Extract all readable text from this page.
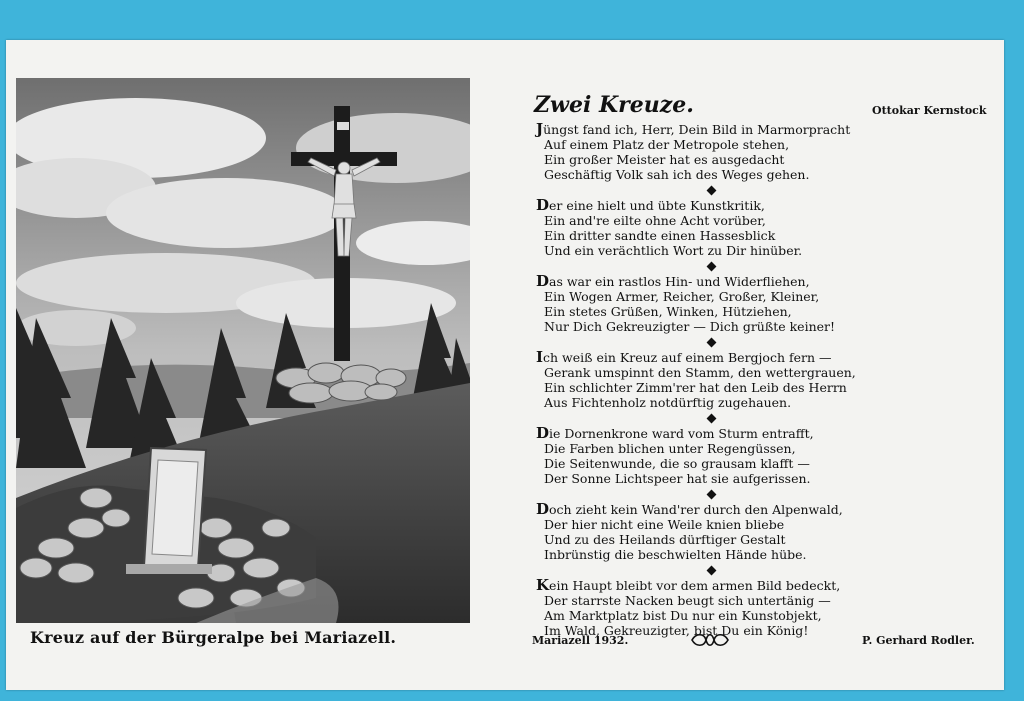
Kreuz auf der Bürgeralpe bei Mariazell.
Zwei Kreuze.	Ottokar Kernstock
Jüngst fand ich, Herr, Dein Bild in Marmorpracht
Auf einem Platz der Metropole stehen,
Ein großer Meister hat es ausgedacht
Geschäftig Volk sah ich des Weges gehen.
Der eine hielt und übte Kunstkritik,
Ein and're eilte ohne Acht vorüber,
Ein dritter sandte einen Hassesblick
Und ein verächtlich Wort zu Dir hinüber.
Das war ein rastlos Hin- und Widerfliehen,
Ein Wogen Armer, Reicher, Großer, Kleiner,
Ein stetes Grüßen, Winken, Hütziehen,
Nur Dich Gekreuzigter — Dich grüßte keiner!
Ich weiß ein Kreuz auf einem Bergjoch fern —
Gerank umspinnt den Stamm, den wettergrauen,
Ein schlichter Zimm'rer hat den Leib des Herrn
Aus Fichtenholz notdürftig zugehauen.
Die Dornenkrone ward vom Sturm entrafft,
Die Farben blichen unter Regengüssen,
Die Seitenwunde, die so grausam klafft —
Der Sonne Lichtspeer hat sie aufgerissen.
Doch zieht kein Wand'rer durch den Alpenwald,
Der hier nicht eine Weile knien bliebe
Und zu des Heilands dürftiger Gestalt
Inbrünstig die beschwielten Hände hübe.
Kein Haupt bleibt vor dem armen Bild bedeckt,
Der starrste Nacken beugt sich untertänig —
Am Marktplatz bist Du nur ein Kunstobjekt,
Im Wald, Gekreuzigter, bist Du ein König!
Mariazell 1932.	P. Gerhard Rodler.
